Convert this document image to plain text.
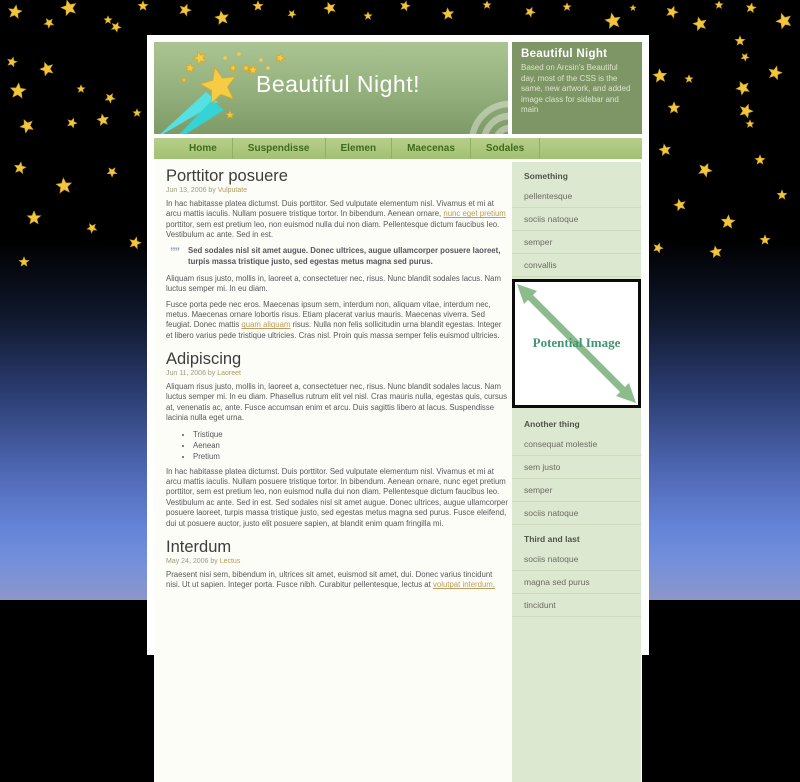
Beautiful Night!
Beautiful Night

Based on Arcsin's Beautiful day, most of the CSS is the same, new artwork, and added image class for sidebar and main

Home	Suspendisse	Elemen	Maecenas	Sodales
Porttitor posuere
Jun 13, 2006 by Vulputate

In hac habitasse platea dictumst. Duis porttitor. Sed vulputate elementum nisl. Vivamus et mi at arcu mattis iaculis. Nullam posuere tristique tortor. In bibendum. Aenean ornare, nunc eget pretium porttitor, sem est pretium leo, non euismod nulla dui non diam. Pellentesque dictum faucibus leo. Vestibulum ac ante. Sed in est.

”” Sed sodales nisl sit amet augue. Donec ultrices, augue ullamcorper posuere laoreet, turpis massa tristique justo, sed egestas metus magna sed purus.

Aliquam risus justo, mollis in, laoreet a, consectetuer nec, risus. Nunc blandit sodales lacus. Nam luctus semper mi. In eu diam.

Fusce porta pede nec eros. Maecenas ipsum sem, interdum non, aliquam vitae, interdum nec, metus. Maecenas ornare lobortis risus. Etiam placerat varius mauris. Maecenas viverra. Sed feugiat. Donec mattis quam aliquam risus. Nulla non felis sollicitudin urna blandit egestas. Integer et libero varius pede tristique ultricies. Cras nisl. Proin quis massa semper felis euismod ultricies.

Adipiscing
Jun 11, 2006 by Laoreet

Aliquam risus justo, mollis in, laoreet a, consectetuer nec, risus. Nunc blandit sodales lacus. Nam luctus semper mi. In eu diam. Phasellus rutrum elit vel nisl. Cras mauris nulla, egestas quis, cursus at, venenatis ac, ante. Fusce accumsan enim et arcu. Duis sagittis libero at lacus. Suspendisse lacinia nulla eget urna.

• Tristique
• Aenean
• Pretium

In hac habitasse platea dictumst. Duis porttitor. Sed vulputate elementum nisl. Vivamus et mi at arcu mattis iaculis. Nullam posuere tristique tortor. In bibendum. Aenean ornare, nunc eget pretium porttitor, sem est pretium leo, non euismod nulla dui non diam. Pellentesque dictum faucibus leo. Vestibulum ac ante. Sed in est. Sed sodales nisl sit amet augue. Donec ultrices, augue ullamcorper posuere laoreet, turpis massa tristique justo, sed egestas metus magna sed purus. Fusce eleifend, dui ut posuere auctor, justo elit posuere sapien, at blandit enim quam fringilla mi.

Interdum
May 24, 2006 by Lectus

Praesent nisi sem, bibendum in, ultrices sit amet, euismod sit amet, dui. Donec varius tincidunt nisi. Ut ut sapien. Integer porta. Fusce nibh. Curabitur pellentesque, lectus at volutpat interdum,

Something
pellentesque
sociis natoque
semper
convallis
Potential Image
Another thing
consequat molestie
sem justo
semper
sociis natoque
Third and last
sociis natoque
magna sed purus
tincidunt
